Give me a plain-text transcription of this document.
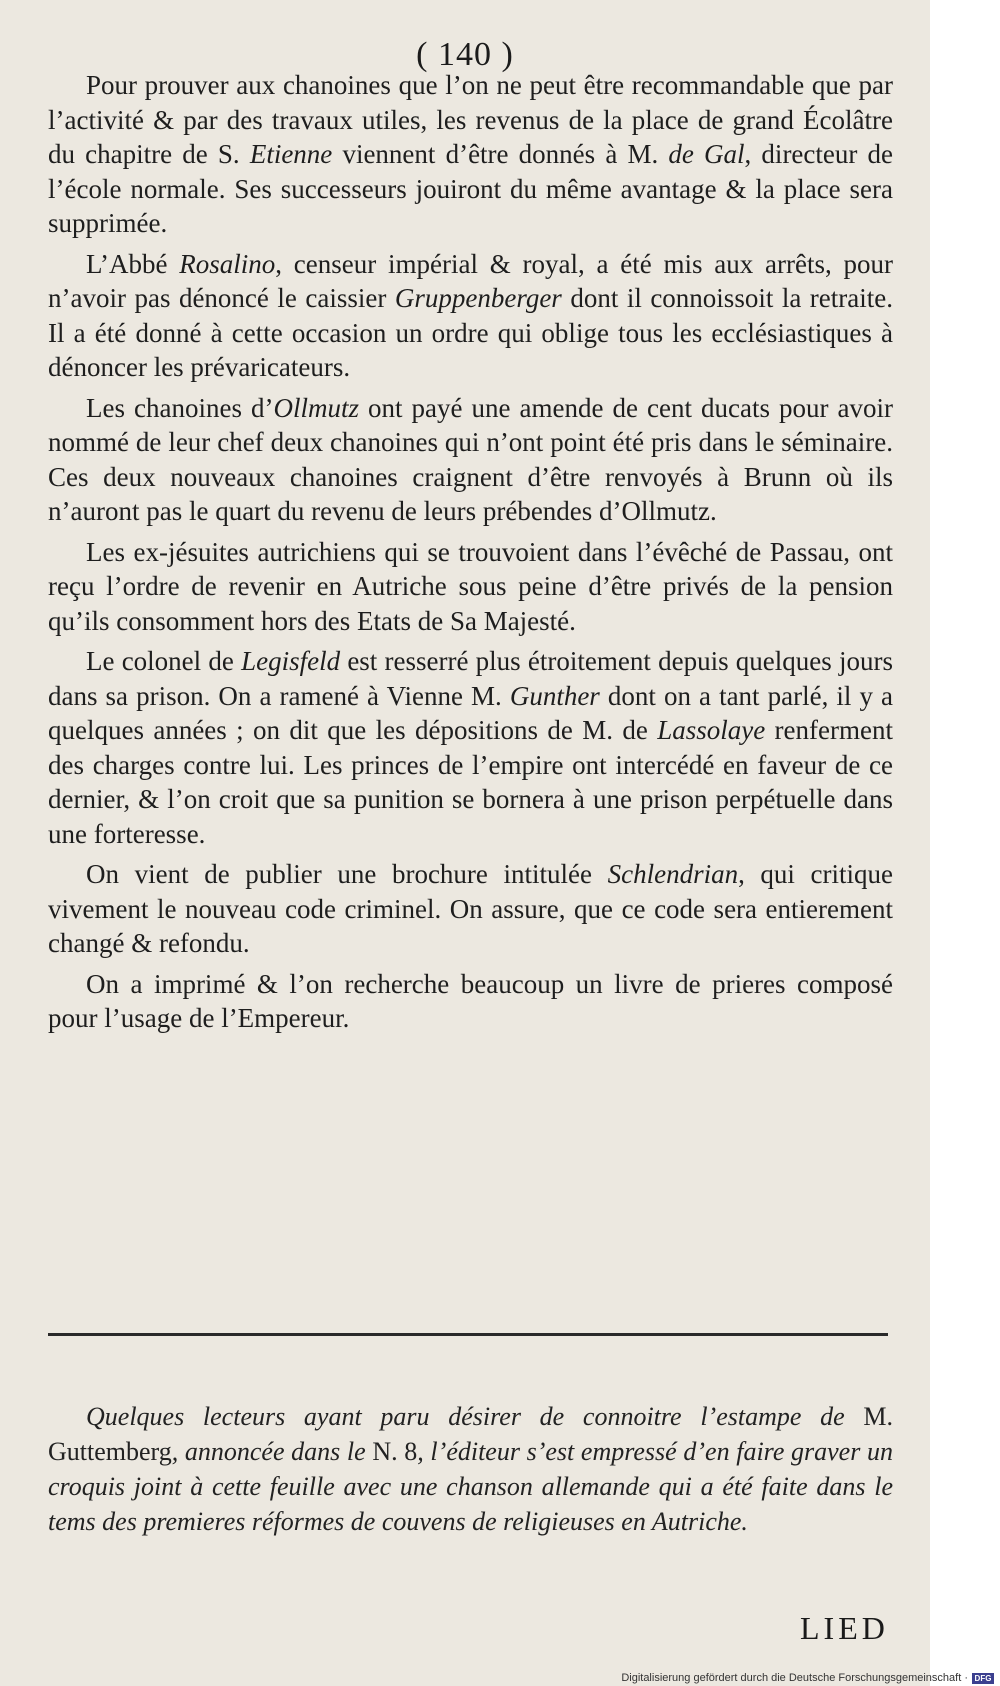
( 140 )

Pour prouver aux chanoines que l’on ne peut être recommandable que par l’activité & par des travaux utiles, les revenus de la place de grand Écolâtre du chapitre de S. Etienne viennent d’être donnés à M. de Gal, directeur de l’école normale. Ses successeurs jouiront du même avantage & la place sera supprimée.

L’Abbé Rosalino, censeur impérial & royal, a été mis aux arrêts, pour n’avoir pas dénoncé le caissier Gruppenberger dont il connoissoit la retraite. Il a été donné à cette occasion un ordre qui oblige tous les ecclésiastiques à dénoncer les prévaricateurs.

Les chanoines d’Ollmutz ont payé une amende de cent ducats pour avoir nommé de leur chef deux chanoines qui n’ont point été pris dans le séminaire. Ces deux nouveaux chanoines craignent d’être renvoyés à Brunn où ils n’auront pas le quart du revenu de leurs prébendes d’Ollmutz.

Les ex-jésuites autrichiens qui se trouvoient dans l’évêché de Passau, ont reçu l’ordre de revenir en Autriche sous peine d’être privés de la pension qu’ils consomment hors des Etats de Sa Majesté.

Le colonel de Legisfeld est resserré plus étroitement depuis quelques jours dans sa prison. On a ramené à Vienne M. Gunther dont on a tant parlé, il y a quelques années ; on dit que les dépositions de M. de Lassolaye renferment des charges contre lui. Les princes de l’empire ont intercédé en faveur de ce dernier, & l’on croit que sa punition se bornera à une prison perpétuelle dans une forteresse.

On vient de publier une brochure intitulée Schlendrian, qui critique vivement le nouveau code criminel. On assure, que ce code sera entierement changé & refondu.

On a imprimé & l’on recherche beaucoup un livre de prieres composé pour l’usage de l’Empereur.

Quelques lecteurs ayant paru désirer de connoitre l’estampe de M. Guttemberg, annoncée dans le N. 8, l’éditeur s’est empressé d’en faire graver un croquis joint à cette feuille avec une chanson allemande qui a été faite dans le tems des premieres réformes de couvens de religieuses en Autriche.

LIED
Digitalisierung gefördert durch die Deutsche Forschungsgemeinschaft · DFG
